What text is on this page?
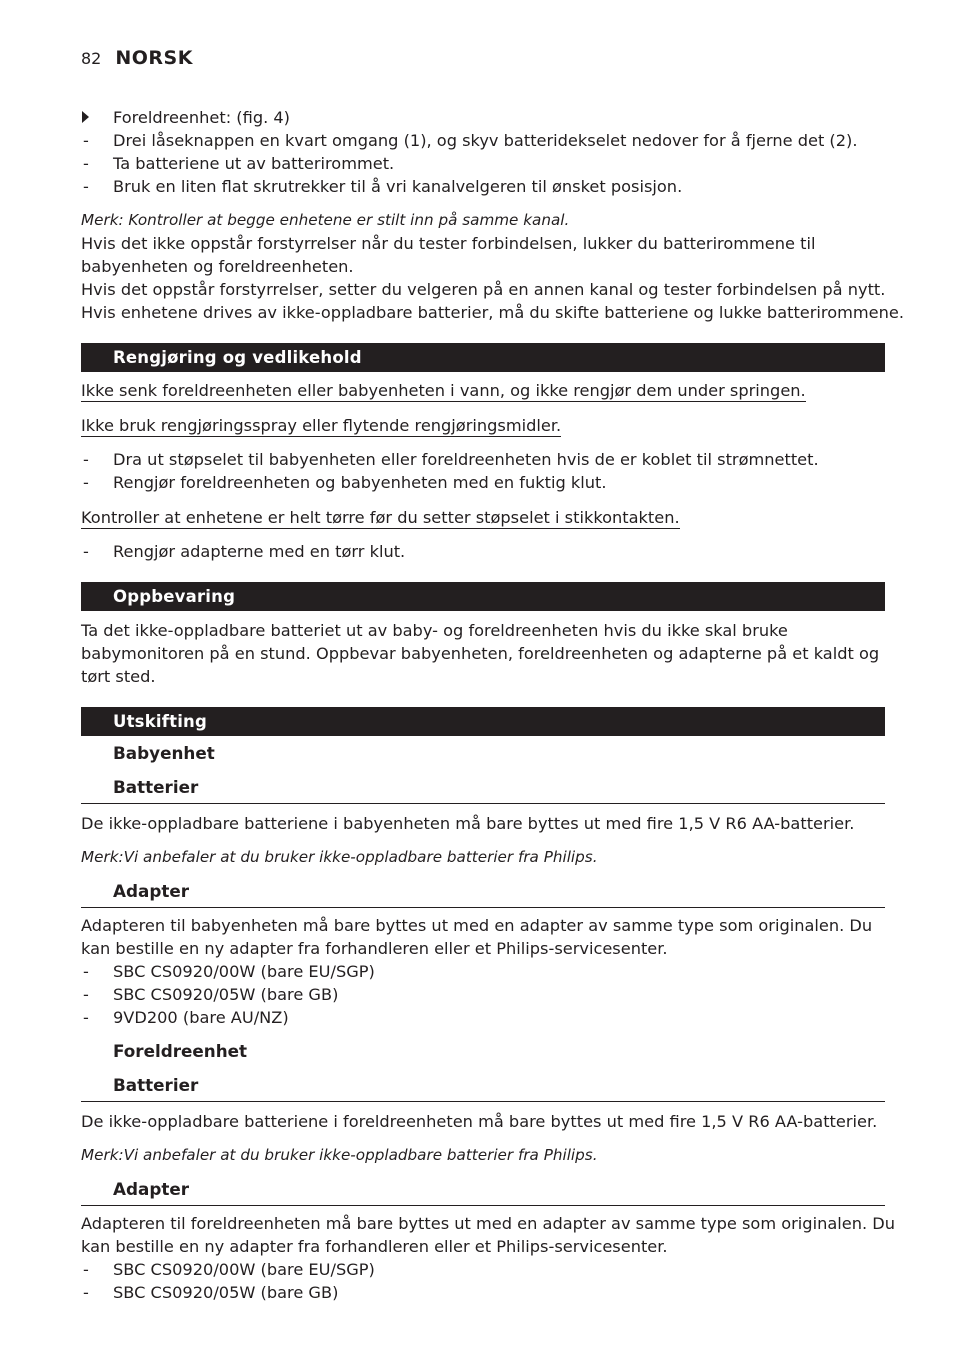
82 NORSK
Foreldreenhet: (fig. 4)
- Drei låseknappen en kvart omgang (1), og skyv batteridekselet nedover for å fjerne det (2).
- Ta batteriene ut av batterirommet.
- Bruk en liten flat skrutrekker til å vri kanalvelgeren til ønsket posisjon.
Merk: Kontroller at begge enhetene er stilt inn på samme kanal.
Hvis det ikke oppstår forstyrrelser når du tester forbindelsen, lukker du batterirommene til
babyenheten og foreldreenheten.
Hvis det oppstår forstyrrelser, setter du velgeren på en annen kanal og tester forbindelsen på nytt.
Hvis enhetene drives av ikke-oppladbare batterier, må du skifte batteriene og lukke batterirommene.
Rengjøring og vedlikehold
Ikke senk foreldreenheten eller babyenheten i vann, og ikke rengjør dem under springen.
Ikke bruk rengjøringsspray eller flytende rengjøringsmidler.
- Dra ut støpselet til babyenheten eller foreldreenheten hvis de er koblet til strømnettet.
- Rengjør foreldreenheten og babyenheten med en fuktig klut.
Kontroller at enhetene er helt tørre før du setter støpselet i stikkontakten.
- Rengjør adapterne med en tørr klut.
Oppbevaring
Ta det ikke-oppladbare batteriet ut av baby- og foreldreenheten hvis du ikke skal bruke
babymonitoren på en stund. Oppbevar babyenheten, foreldreenheten og adapterne på et kaldt og
tørt sted.
Utskifting
Babyenhet
Batterier
De ikke-oppladbare batteriene i babyenheten må bare byttes ut med fire 1,5 V R6 AA-batterier.
Merk:Vi anbefaler at du bruker ikke-oppladbare batterier fra Philips.
Adapter
Adapteren til babyenheten må bare byttes ut med en adapter av samme type som originalen. Du
kan bestille en ny adapter fra forhandleren eller et Philips-servicesenter.
- SBC CS0920/00W (bare EU/SGP)
- SBC CS0920/05W (bare GB)
- 9VD200 (bare AU/NZ)
Foreldreenhet
Batterier
De ikke-oppladbare batteriene i foreldreenheten må bare byttes ut med fire 1,5 V R6 AA-batterier.
Merk:Vi anbefaler at du bruker ikke-oppladbare batterier fra Philips.
Adapter
Adapteren til foreldreenheten må bare byttes ut med en adapter av samme type som originalen. Du
kan bestille en ny adapter fra forhandleren eller et Philips-servicesenter.
- SBC CS0920/00W (bare EU/SGP)
- SBC CS0920/05W (bare GB)
